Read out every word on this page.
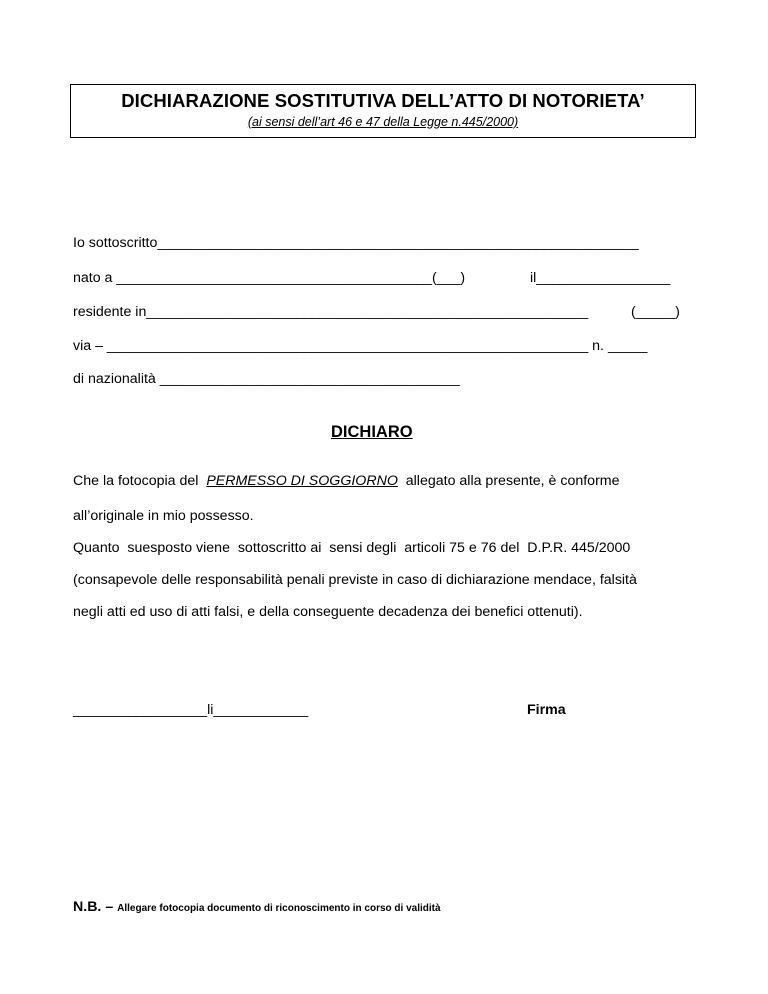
DICHIARAZIONE SOSTITUTIVA DELL’ATTO DI NOTORIETA’
(ai sensi dell’art 46 e 47 della Legge n.445/2000)
Io sottoscritto_____________________________________________________________
nato a ________________________________________(___)	il_________________
residente in________________________________________________________	(_____)
via – _____________________________________________________________ n. _____
di nazionalità ______________________________________
DICHIARO
Che la fotocopia del  PERMESSO DI SOGGIORNO  allegato alla presente, è conforme
all’originale in mio possesso.
Quanto  suesposto viene  sottoscritto ai  sensi degli  articoli 75 e 76 del  D.P.R. 445/2000
(consapevole delle responsabilità penali previste in caso di dichiarazione mendace, falsità
negli atti ed uso di atti falsi, e della conseguente decadenza dei benefici ottenuti).
_________________li____________	Firma
N.B. – Allegare fotocopia documento di riconoscimento in corso di validità
